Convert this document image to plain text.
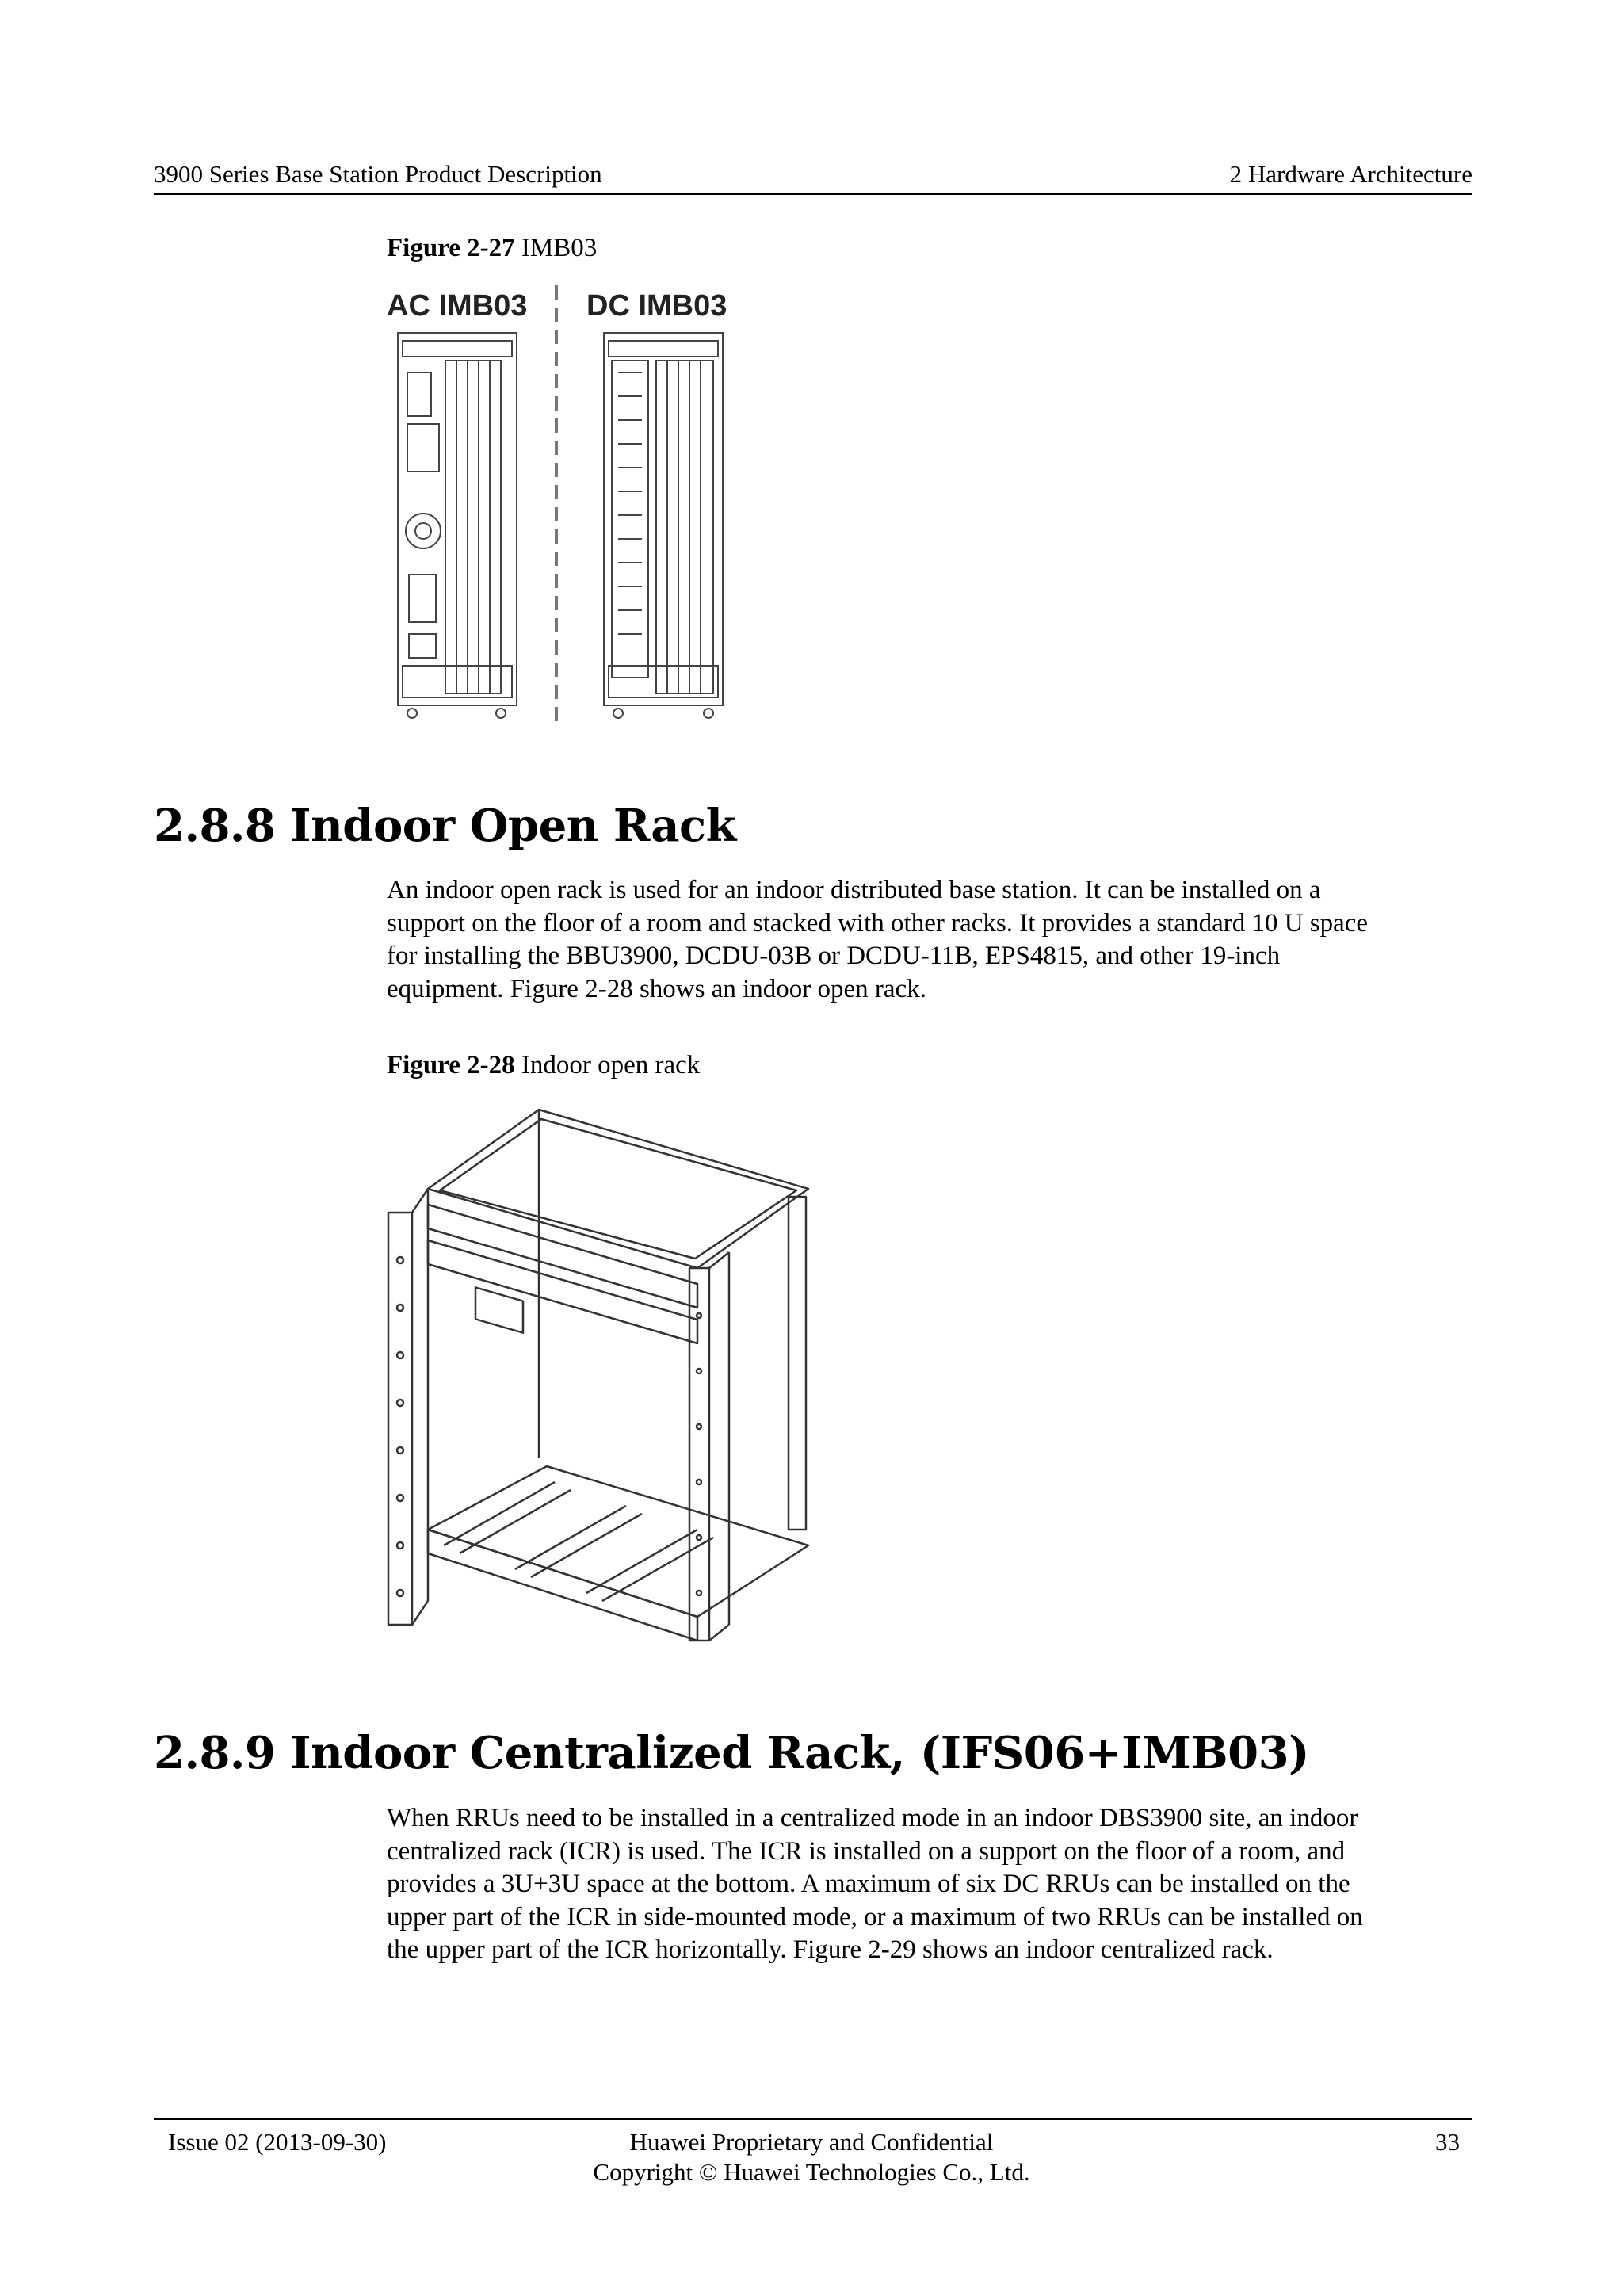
3900 Series Base Station Product Description	2 Hardware Architecture
Figure 2-27 IMB03
AC IMB03 DC IMB03
2.8.8 Indoor Open Rack
An indoor open rack is used for an indoor distributed base station. It can be installed on a
support on the floor of a room and stacked with other racks. It provides a standard 10 U space
for installing the BBU3900, DCDU-03B or DCDU-11B, EPS4815, and other 19-inch
equipment. Figure 2-28 shows an indoor open rack.
Figure 2-28 Indoor open rack
2.8.9 Indoor Centralized Rack, (IFS06+IMB03)
When RRUs need to be installed in a centralized mode in an indoor DBS3900 site, an indoor
centralized rack (ICR) is used. The ICR is installed on a support on the floor of a room, and
provides a 3U+3U space at the bottom. A maximum of six DC RRUs can be installed on the
upper part of the ICR in side-mounted mode, or a maximum of two RRUs can be installed on
the upper part of the ICR horizontally. Figure 2-29 shows an indoor centralized rack.
Issue 02 (2013-09-30)	Huawei Proprietary and Confidential
Copyright © Huawei Technologies Co., Ltd.
33
